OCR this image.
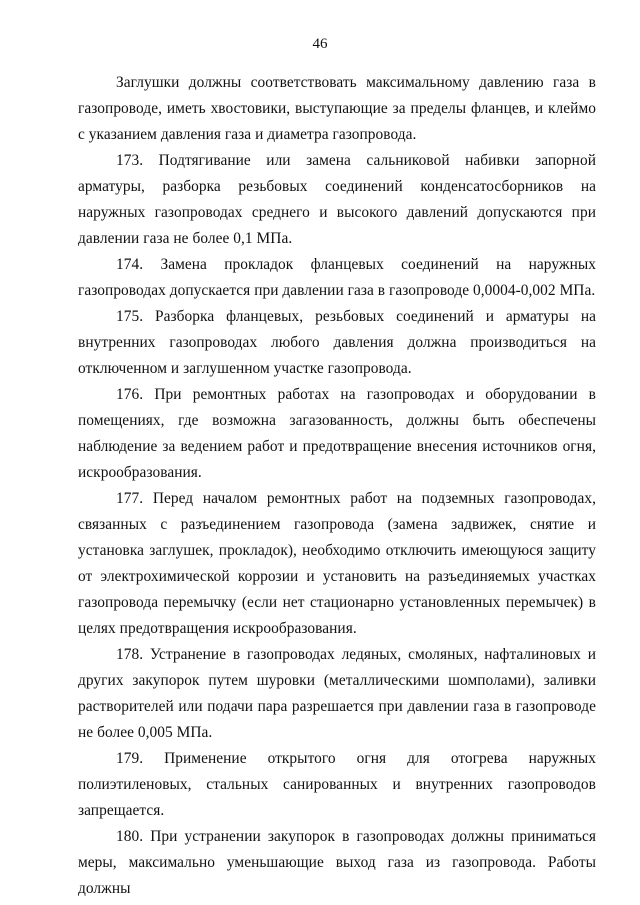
46

Заглушки должны соответствовать максимальному давлению газа в газопроводе, иметь хвостовики, выступающие за пределы фланцев, и клеймо с указанием давления газа и диаметра газопровода.

173. Подтягивание или замена сальниковой набивки запорной арматуры, разборка резьбовых соединений конденсатосборников на наружных газопроводах среднего и высокого давлений допускаются при давлении газа не более 0,1 МПа.

174. Замена прокладок фланцевых соединений на наружных газопроводах допускается при давлении газа в газопроводе 0,0004-0,002 МПа.

175. Разборка фланцевых, резьбовых соединений и арматуры на внутренних газопроводах любого давления должна производиться на отключенном и заглушенном участке газопровода.

176. При ремонтных работах на газопроводах и оборудовании в помещениях, где возможна загазованность, должны быть обеспечены наблюдение за ведением работ и предотвращение внесения источников огня, искрообразования.

177. Перед началом ремонтных работ на подземных газопроводах, связанных с разъединением газопровода (замена задвижек, снятие и установка заглушек, прокладок), необходимо отключить имеющуюся защиту от электрохимической коррозии и установить на разъединяемых участках газопровода перемычку (если нет стационарно установленных перемычек) в целях предотвращения искрообразования.

178. Устранение в газопроводах ледяных, смоляных, нафталиновых и других закупорок путем шуровки (металлическими шомполами), заливки растворителей или подачи пара разрешается при давлении газа в газопроводе не более 0,005 МПа.

179. Применение открытого огня для отогрева наружных полиэтиленовых, стальных санированных и внутренних газопроводов запрещается.

180. При устранении закупорок в газопроводах должны приниматься меры, максимально уменьшающие выход газа из газопровода. Работы должны
